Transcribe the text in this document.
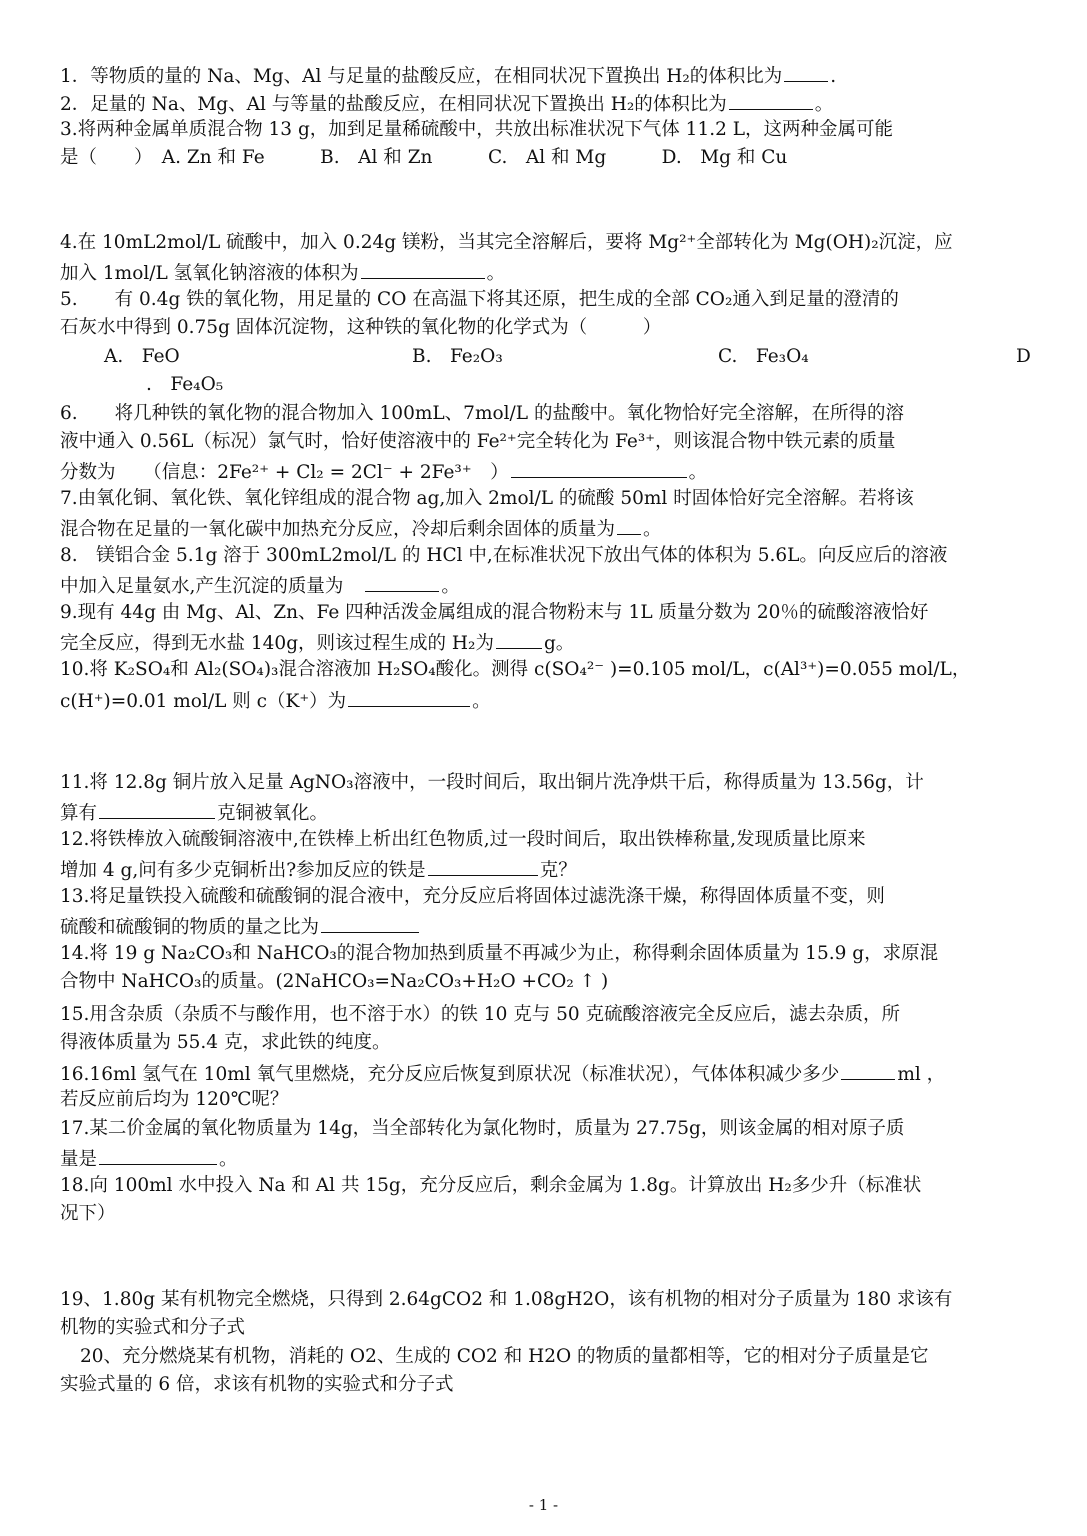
1．等物质的量的 Na、Mg、Al 与足量的盐酸反应，在相同状况下置换出 H₂的体积比为	.
2．足量的 Na、Mg、Al 与等量的盐酸反应，在相同状况下置换出 H₂的体积比为	。
3.将两种金属单质混合物 13 g，加到足量稀硫酸中，共放出标准状况下气体 11.2 L，这两种金属可能
是（　　）　A. Zn 和 Fe　　　B.　Al 和 Zn　　　C.　Al 和 Mg　　　D.　Mg 和 Cu
4.在 10mL2mol/L 硫酸中，加入 0.24g 镁粉，当其完全溶解后，要将 Mg²⁺全部转化为 Mg(OH)₂沉淀，应
加入 1mol/L 氢氧化钠溶液的体积为	。
5.　　有 0.4g 铁的氧化物，用足量的 CO 在高温下将其还原，把生成的全部 CO₂通入到足量的澄清的
石灰水中得到 0.75g 固体沉淀物，这种铁的氧化物的化学式为（　　　）
A.　FeO	B.　Fe₂O₃	C.　Fe₃O₄	D
.　Fe₄O₅
6.　　将几种铁的氧化物的混合物加入 100mL、7mol/L 的盐酸中。氧化物恰好完全溶解，在所得的溶
液中通入 0.56L（标况）氯气时，恰好使溶液中的 Fe²⁺完全转化为 Fe³⁺，则该混合物中铁元素的质量
分数为　　（信息：2Fe²⁺ + Cl₂ = 2Cl⁻ + 2Fe³⁺　）	。
7.由氧化铜、氧化铁、氧化锌组成的混合物 ag,加入 2mol/L 的硫酸 50ml 时固体恰好完全溶解。若将该
混合物在足量的一氧化碳中加热充分反应，冷却后剩余固体的质量为 。
8.　镁铝合金 5.1g 溶于 300mL2mol/L 的 HCl 中,在标准状况下放出气体的体积为 5.6L。向反应后的溶液
中加入足量氨水,产生沉淀的质量为	。
9.现有 44g 由 Mg、Al、Zn、Fe 四种活泼金属组成的混合物粉末与 1L 质量分数为 20％的硫酸溶液恰好
完全反应，得到无水盐 140g，则该过程生成的 H₂为	g。
10.将 K₂SO₄和 Al₂(SO₄)₃混合溶液加 H₂SO₄酸化。测得 c(SO₄²⁻ )=0.105 mol/L，c(Al³⁺)=0.055 mol/L，
c(H⁺)=0.01 mol/L 则 c（K⁺）为	。
11.将 12.8g 铜片放入足量 AgNO₃溶液中，一段时间后，取出铜片洗净烘干后，称得质量为 13.56g，计
算有	克铜被氧化。
12.将铁棒放入硫酸铜溶液中,在铁棒上析出红色物质,过一段时间后，取出铁棒称量,发现质量比原来
增加 4 g,问有多少克铜析出?参加反应的铁是	克？
13.将足量铁投入硫酸和硫酸铜的混合液中，充分反应后将固体过滤洗涤干燥，称得固体质量不变，则
硫酸和硫酸铜的物质的量之比为
14.将 19 g Na₂CO₃和 NaHCO₃的混合物加热到质量不再减少为止，称得剩余固体质量为 15.9 g，求原混
合物中 NaHCO₃的质量。(2NaHCO₃=Na₂CO₃+H₂O +CO₂ ↑ )
15.用含杂质（杂质不与酸作用，也不溶于水）的铁 10 克与 50 克硫酸溶液完全反应后，滤去杂质，所
得液体质量为 55.4 克，求此铁的纯度。
16.16ml 氢气在 10ml 氧气里燃烧，充分反应后恢复到原状况（标准状况），气体体积减少多少	ml ，
若反应前后均为 120℃呢？
17.某二价金属的氧化物质量为 14g，当全部转化为氯化物时，质量为 27.75g，则该金属的相对原子质
量是	。
18.向 100ml 水中投入 Na 和 Al 共 15g，充分反应后，剩余金属为 1.8g。计算放出 H₂多少升（标准状
况下）
19、1.80g 某有机物完全燃烧，只得到 2.64gCO2 和 1.08gH2O，该有机物的相对分子质量为 180 求该有
机物的实验式和分子式
20、充分燃烧某有机物，消耗的 O2、生成的 CO2 和 H2O 的物质的量都相等，它的相对分子质量是它
实验式量的 6 倍，求该有机物的实验式和分子式
- 1 -
